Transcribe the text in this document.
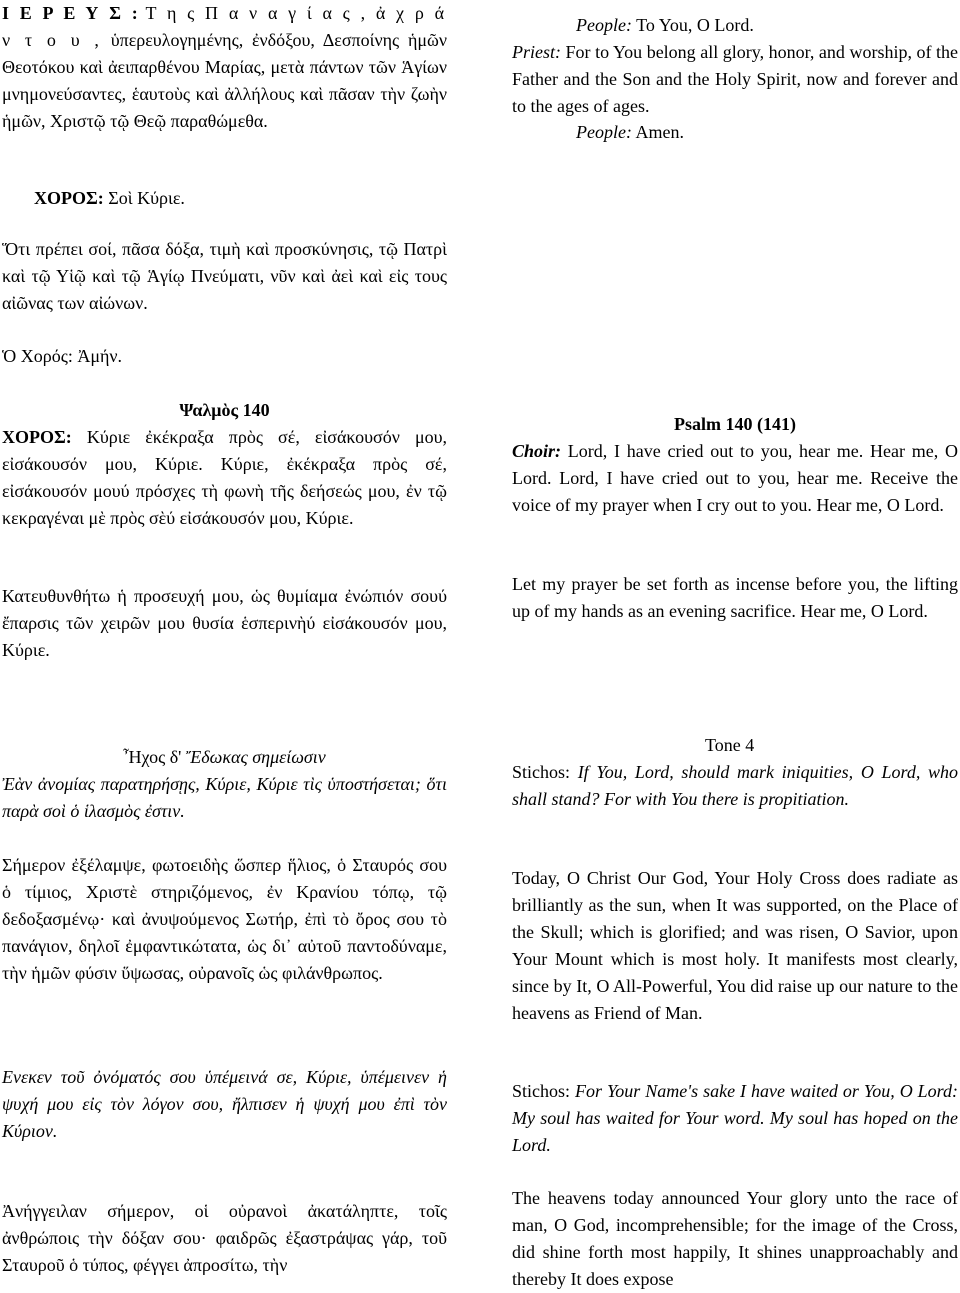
Ι Ε Ρ Ε Υ Σ : Τ η ς Π α ν α γ ί α ς , ἀ χ ρ ά ν τ ο υ , ὑπερευλογημένης, ἐνδόξου, Δεσποίνης ἡμῶν Θεοτόκου καὶ ἀειπαρθένου Μαρίας, μετὰ πάντων τῶν Ἁγίων μνημονεύσαντες, ἑαυτοὺς καὶ ἀλλήλους καὶ πᾶσαν τὴν ζωὴν ἡμῶν, Χριστῷ τῷ Θεῷ παραθώμεθα.

People: To You, O Lord.

Priest: For to You belong all glory, honor, and worship, of the Father and the Son and the Holy Spirit, now and forever and to the ages of ages.

People: Amen.

ΧΟΡΟΣ: Σοὶ Κύριε.

Ὅτι πρέπει σοί, πᾶσα δόξα, τιμὴ καὶ προσκύνησις, τῷ Πατρὶ καὶ τῷ Υἱῷ καὶ τῷ Ἁγίῳ Πνεύματι, νῦν καὶ ἀεὶ καὶ εἰς τους αἰῶνας των αἰώνων.

Ὁ Χορός: Ἀμήν.

Ψαλμὸς 140
ΧΟΡΟΣ: Κύριε ἐκέκραξα πρὸς σέ, εἰσάκουσόν μου, εἰσάκουσόν μου, Κύριε. Κύριε, ἐκέκραξα πρὸς σέ, εἰσάκουσόν μουύ πρόσχες τὴ φωνὴ τῆς δεήσεώς μου, ἐν τῷ κεκραγέναι μὲ πρὸς σὲύ εἰσάκουσόν μου, Κύριε.

Κατευθυνθήτω ἡ προσευχή μου, ὡς θυμίαμα ἐνώπιόν σουύ ἔπαρσις τῶν χειρῶν μου θυσία ἑσπερινὴύ εἰσάκουσόν μου, Κύριε.

Psalm 140 (141)
Choir: Lord, I have cried out to you, hear me. Hear me, O Lord. Lord, I have cried out to you, hear me. Receive the voice of my prayer when I cry out to you. Hear me, O Lord.

Let my prayer be set forth as incense before you, the lifting up of my hands as an evening sacrifice. Hear me, O Lord.

Ἦχος δ' Ἔδωκας σημείωσιν

Ἐὰν ἀνομίας παρατηρήσῃς, Κύριε, Κύριε τὶς ὑποστήσεται; ὅτι παρὰ σοὶ ὁ ἱλασμὸς ἐστιν.

Σήμερον ἐξέλαμψε, φωτοειδὴς ὥσπερ ἥλιος, ὁ Σταυρός σου ὁ τίμιος, Χριστὲ στηριζόμενος, ἐν Κρανίου τόπῳ, τῷ δεδοξασμένῳ· καὶ ἀνυψούμενος Σωτήρ, ἐπὶ τὸ ὄρος σου τὸ πανάγιον, δηλοῖ ἐμφαντικώτατα, ὡς δι᾽ αὐτοῦ παντοδύναμε, τὴν ἡμῶν φύσιν ὕψωσας, οὐρανοῖς ὡς φιλάνθρωπος.

Ενεκεν τοῦ ὀνόματός σου ὑπέμεινά σε, Κύριε, ὑπέμεινεν ἡ ψυχή μου εἰς τὸν λόγον σου, ἤλπισεν ἡ ψυχή μου ἐπὶ τὸν Κύριον.

Ἀνήγγειλαν σήμερον, οἱ οὐρανοὶ ἀκατάληπτε, τοῖς ἀνθρώποις τὴν δόξαν σου· φαιδρῶς ἐξαστράψας γάρ, τοῦ Σταυροῦ ὁ τύπος, φέγγει ἀπροσίτω, τὴν

Tone 4

Stichos: If You, Lord, should mark iniquities, O Lord, who shall stand? For with You there is propitiation.

Today, O Christ Our God, Your Holy Cross does radiate as brilliantly as the sun, when It was supported, on the Place of the Skull; which is glorified; and was risen, O Savior, upon Your Mount which is most holy. It manifests most clearly, since by It, O All-Powerful, You did raise up our nature to the heavens as Friend of Man.

Stichos: For Your Name's sake I have waited or You, O Lord: My soul has waited for Your word. My soul has hoped on the Lord.

The heavens today announced Your glory unto the race of man, O God, incomprehensible; for the image of the Cross, did shine forth most happily, It shines unapproachably and thereby It does expose
